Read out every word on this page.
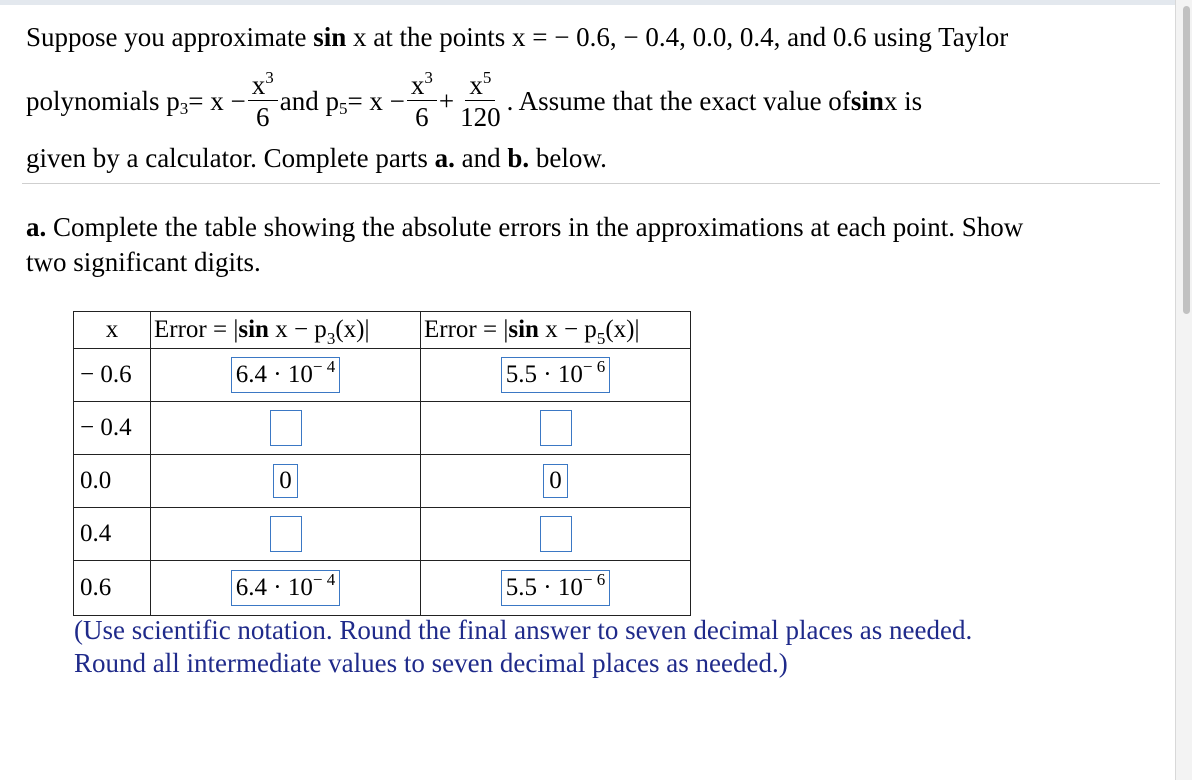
Suppose you approximate sin x at the points x = − 0.6, − 0.4, 0.0, 0.4, and 0.6 using Taylor
polynomials p $3 = x - \frac{x^3}{6}$ and p $5 = x - \frac{x^3}{6} + \frac{x^5}{120}$ . Assume that the exact value of sin x is
given by a calculator. Complete parts a. and b. below.
a. Complete the table showing the absolute errors in the approximations at each point. Show
two significant digits.
x	Error = |sin $x - p_3(x)|$	Error = |sin $x - p_5(x)|$
− 0.6	$6.4 \cdot 10^{- 4}$	$5.5 \cdot 10^{- 6}$

− 0.4	

0.0	0	0

0.4	

0.6	$6.4 \cdot 10^{- 4}$	$5.5 \cdot 10^{- 6}$
(Use scientific notation. Round the final answer to seven decimal places as needed.
Round all intermediate values to seven decimal places as needed.)
